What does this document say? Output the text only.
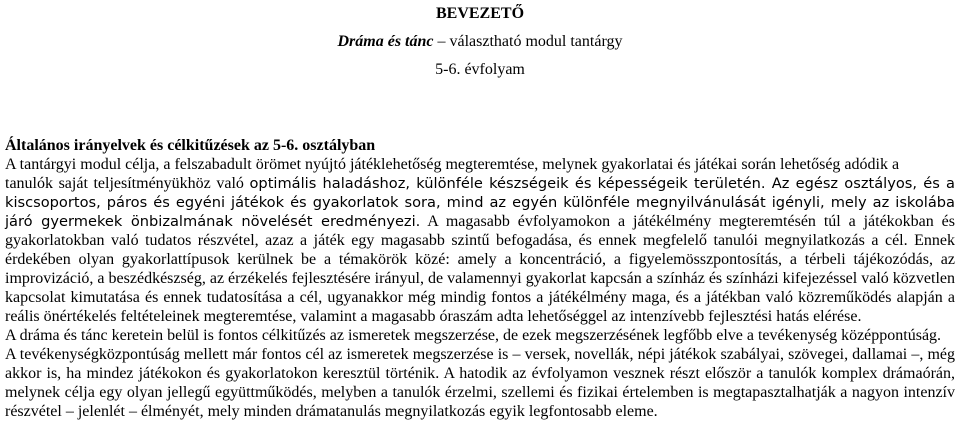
BEVEZETŐ
Dráma és tánc – választható modul tantárgy
5-6. évfolyam
Általános irányelvek és célkitűzések az 5-6. osztályban

A tantárgyi modul célja, a felszabadult örömet nyújtó játéklehetőség megteremtése, melynek gyakorlatai és játékai során lehetőség adódik a
tanulók saját teljesítményükhöz való optimális haladáshoz, különféle készségeik és képességeik területén. Az egész osztályos, és a kiscsoportos, páros és egyéni játékok és gyakorlatok sora, mind az egyén különféle megnyilvánulását igényli, mely az iskolába járó gyermekek önbizalmának növelését eredményezi. A magasabb évfolyamokon a játékélmény megteremtésén túl a játékokban és gyakorlatokban való tudatos részvétel, azaz a játék egy magasabb szintű befogadása, és ennek megfelelő tanulói megnyilatkozás a cél. Ennek érdekében olyan gyakorlattípusok kerülnek be a témakörök közé: amely a koncentráció, a figyelemösszpontosítás, a térbeli tájékozódás, az improvizáció, a beszédkészség, az érzékelés fejlesztésére irányul, de valamennyi gyakorlat kapcsán a színház és színházi kifejezéssel való közvetlen kapcsolat kimutatása és ennek tudatosítása a cél, ugyanakkor még mindig fontos a játékélmény maga, és a játékban való közreműködés alapján a reális önértékelés feltételeinek megteremtése, valamint a magasabb óraszám adta lehetőséggel az intenzívebb fejlesztési hatás elérése.

A dráma és tánc keretein belül is fontos célkitűzés az ismeretek megszerzése, de ezek megszerzésének legfőbb elve a tevékenység középpontúság.

A tevékenységközpontúság mellett már fontos cél az ismeretek megszerzése is – versek, novellák, népi játékok szabályai, szövegei, dallamai –, még akkor is, ha mindez játékokon és gyakorlatokon keresztül történik. A hatodik az évfolyamon vesznek részt először a tanulók komplex drámaórán, melynek célja egy olyan jellegű együttműködés, melyben a tanulók érzelmi, szellemi és fizikai értelemben is megtapasztalhatják a nagyon intenzív részvétel – jelenlét – élményét, mely minden drámatanulás megnyilatkozás egyik legfontosabb eleme.
